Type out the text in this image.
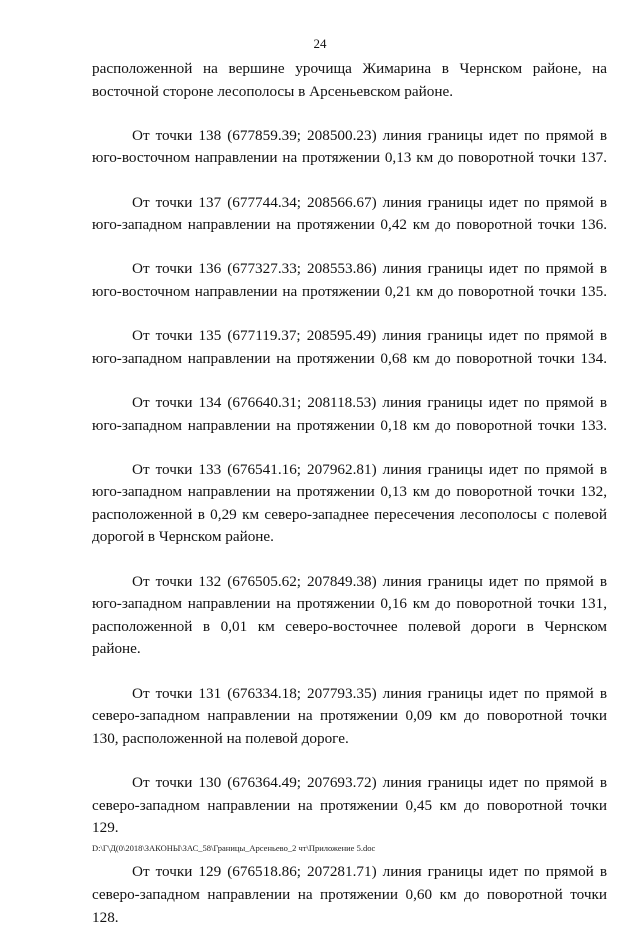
24

расположенной на вершине урочища Жимарина в Чернском районе, на
восточной стороне лесополосы в Арсеньевском районе.

От точки 138 (677859.39; 208500.23) линия границы идет по прямой в
юго-восточном направлении на протяжении 0,13 км до поворотной точки 137.

От точки 137 (677744.34; 208566.67) линия границы идет по прямой в
юго-западном направлении на протяжении 0,42 км до поворотной точки 136.

От точки 136 (677327.33; 208553.86) линия границы идет по прямой в
юго-восточном направлении на протяжении 0,21 км до поворотной точки 135.

От точки 135 (677119.37; 208595.49) линия границы идет по прямой в
юго-западном направлении на протяжении 0,68 км до поворотной точки 134.

От точки 134 (676640.31; 208118.53) линия границы идет по прямой в
юго-западном направлении на протяжении 0,18 км до поворотной точки 133.

От точки 133 (676541.16; 207962.81) линия границы идет по прямой в
юго-западном направлении на протяжении 0,13 км до поворотной точки 132,
расположенной в 0,29 км северо-западнее пересечения лесополосы с полевой
дорогой в Чернском районе.

От точки 132 (676505.62; 207849.38) линия границы идет по прямой в
юго-западном направлении на протяжении 0,16 км до поворотной точки 131,
расположенной в 0,01 км северо-восточнее полевой дороги в Чернском
районе.

От точки 131 (676334.18; 207793.35) линия границы идет по прямой в
северо-западном направлении на протяжении 0,09 км до поворотной точки
130, расположенной на полевой дороге.

От точки 130 (676364.49; 207693.72) линия границы идет по прямой в
северо-западном направлении на протяжении 0,45 км до поворотной точки
129.

От точки 129 (676518.86; 207281.71) линия границы идет по прямой в
северо-западном направлении на протяжении 0,60 км до поворотной точки
128.

D:\Г\Д(0\2018\ЗАКОНЫ\ЗАС_58\Границы_Арсеньево_2 чт\Приложение 5.doc
